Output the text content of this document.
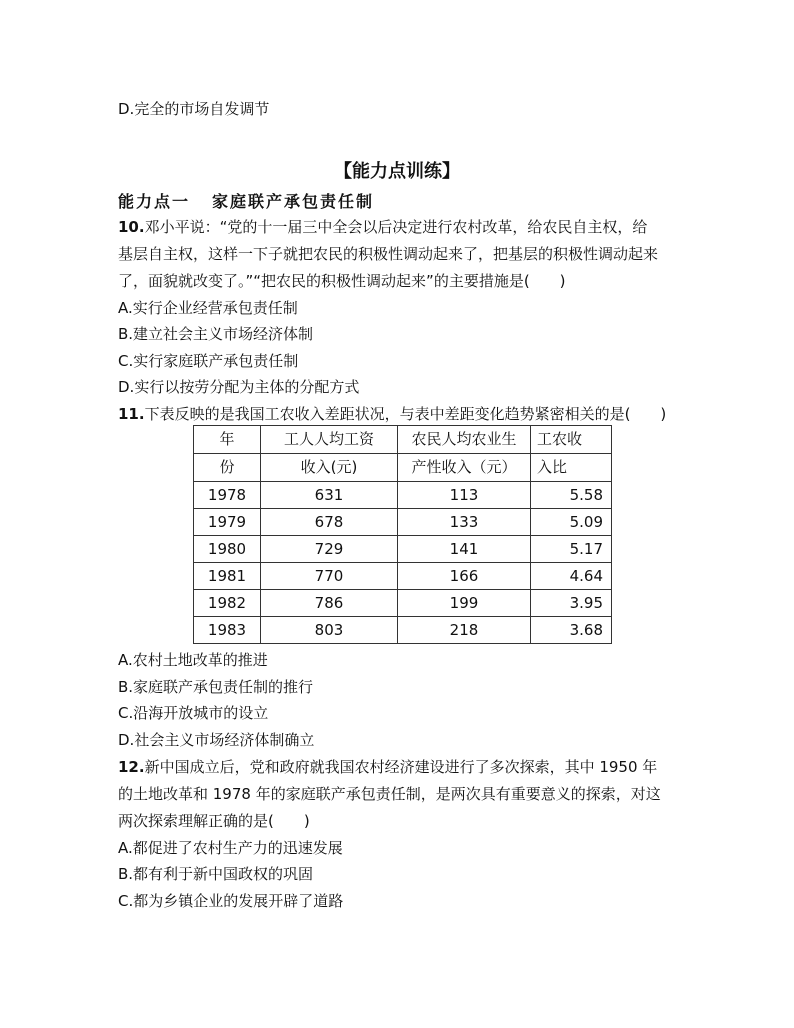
D.完全的市场自发调节
【能力点训练】
能力点一 家庭联产承包责任制
10.邓小平说：“党的十一届三中全会以后决定进行农村改革，给农民自主权，给
基层自主权，这样一下子就把农民的积极性调动起来了，把基层的积极性调动起来
了，面貌就改变了。”“把农民的积极性调动起来”的主要措施是(　　)
A.实行企业经营承包责任制
B.建立社会主义市场经济体制
C.实行家庭联产承包责任制
D.实行以按劳分配为主体的分配方式
11.下表反映的是我国工农收入差距状况，与表中差距变化趋势紧密相关的是(　　)
年	工人人均工资	农民人均农业生	工农收
份	收入(元)	产性收入（元）	入比
1978	631	113	5.58
1979	678	133	5.09
1980	729	141	5.17
1981	770	166	4.64
1982	786	199	3.95
1983	803	218	3.68
A.农村土地改革的推进
B.家庭联产承包责任制的推行
C.沿海开放城市的设立
D.社会主义市场经济体制确立
12.新中国成立后，党和政府就我国农村经济建设进行了多次探索，其中 1950 年
的土地改革和 1978 年的家庭联产承包责任制，是两次具有重要意义的探索，对这
两次探索理解正确的是(　　)
A.都促进了农村生产力的迅速发展
B.都有利于新中国政权的巩固
C.都为乡镇企业的发展开辟了道路
